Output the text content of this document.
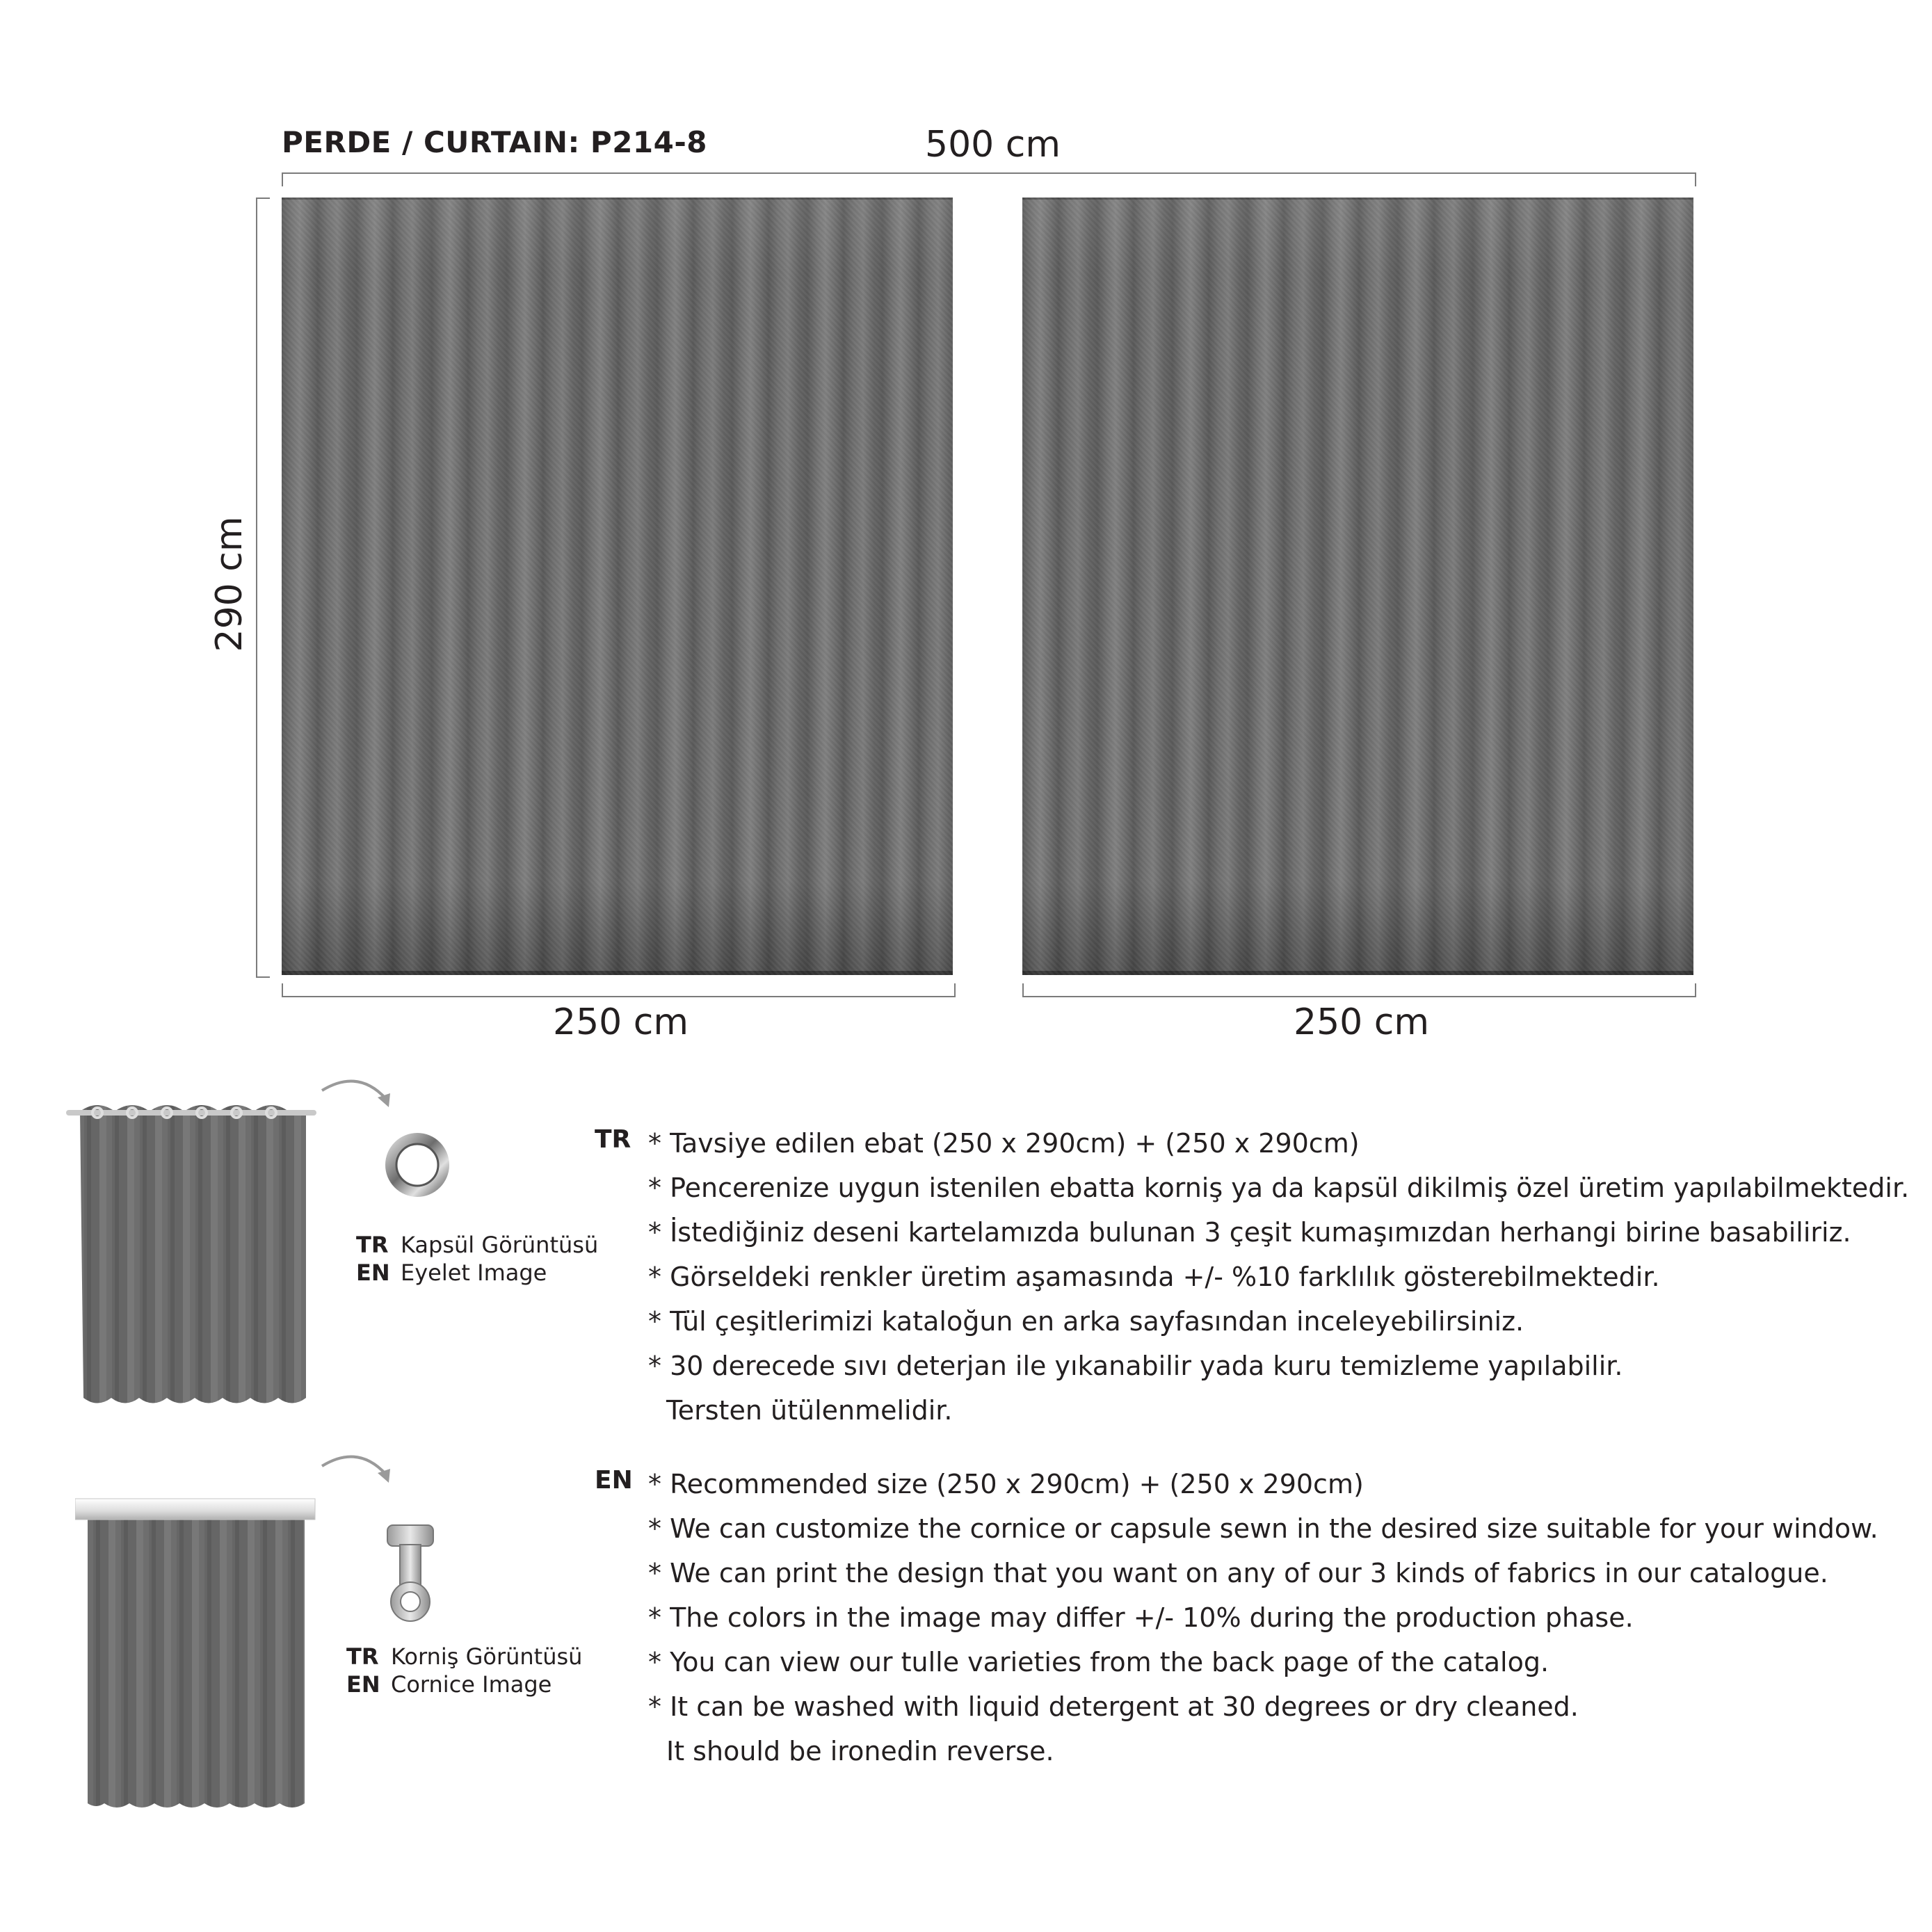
PERDE / CURTAIN: P214-8	500 cm
290 cm
250 cm	250 cm
TR Kapsül Görüntüsü
EN Eyelet Image
TR Korniş Görüntüsü
EN Cornice Image
TR * Tavsiye edilen ebat (250 x 290cm) + (250 x 290cm)
* Pencerenize uygun istenilen ebatta korniş ya da kapsül dikilmiş özel üretim yapılabilmektedir.
* İstediğiniz deseni kartelamızda bulunan 3 çeşit kumaşımızdan herhangi birine basabiliriz.
* Görseldeki renkler üretim aşamasında +/- %10 farklılık gösterebilmektedir.
* Tül çeşitlerimizi kataloğun en arka sayfasından inceleyebilirsiniz.
* 30 derecede sıvı deterjan ile yıkanabilir yada kuru temizleme yapılabilir.
Tersten ütülenmelidir.
EN * Recommended size (250 x 290cm) + (250 x 290cm)
* We can customize the cornice or capsule sewn in the desired size suitable for your window.
* We can print the design that you want on any of our 3 kinds of fabrics in our catalogue.
* The colors in the image may differ +/- 10% during the production phase.
* You can view our tulle varieties from the back page of the catalog.
* It can be washed with liquid detergent at 30 degrees or dry cleaned.
It should be ironedin reverse.
